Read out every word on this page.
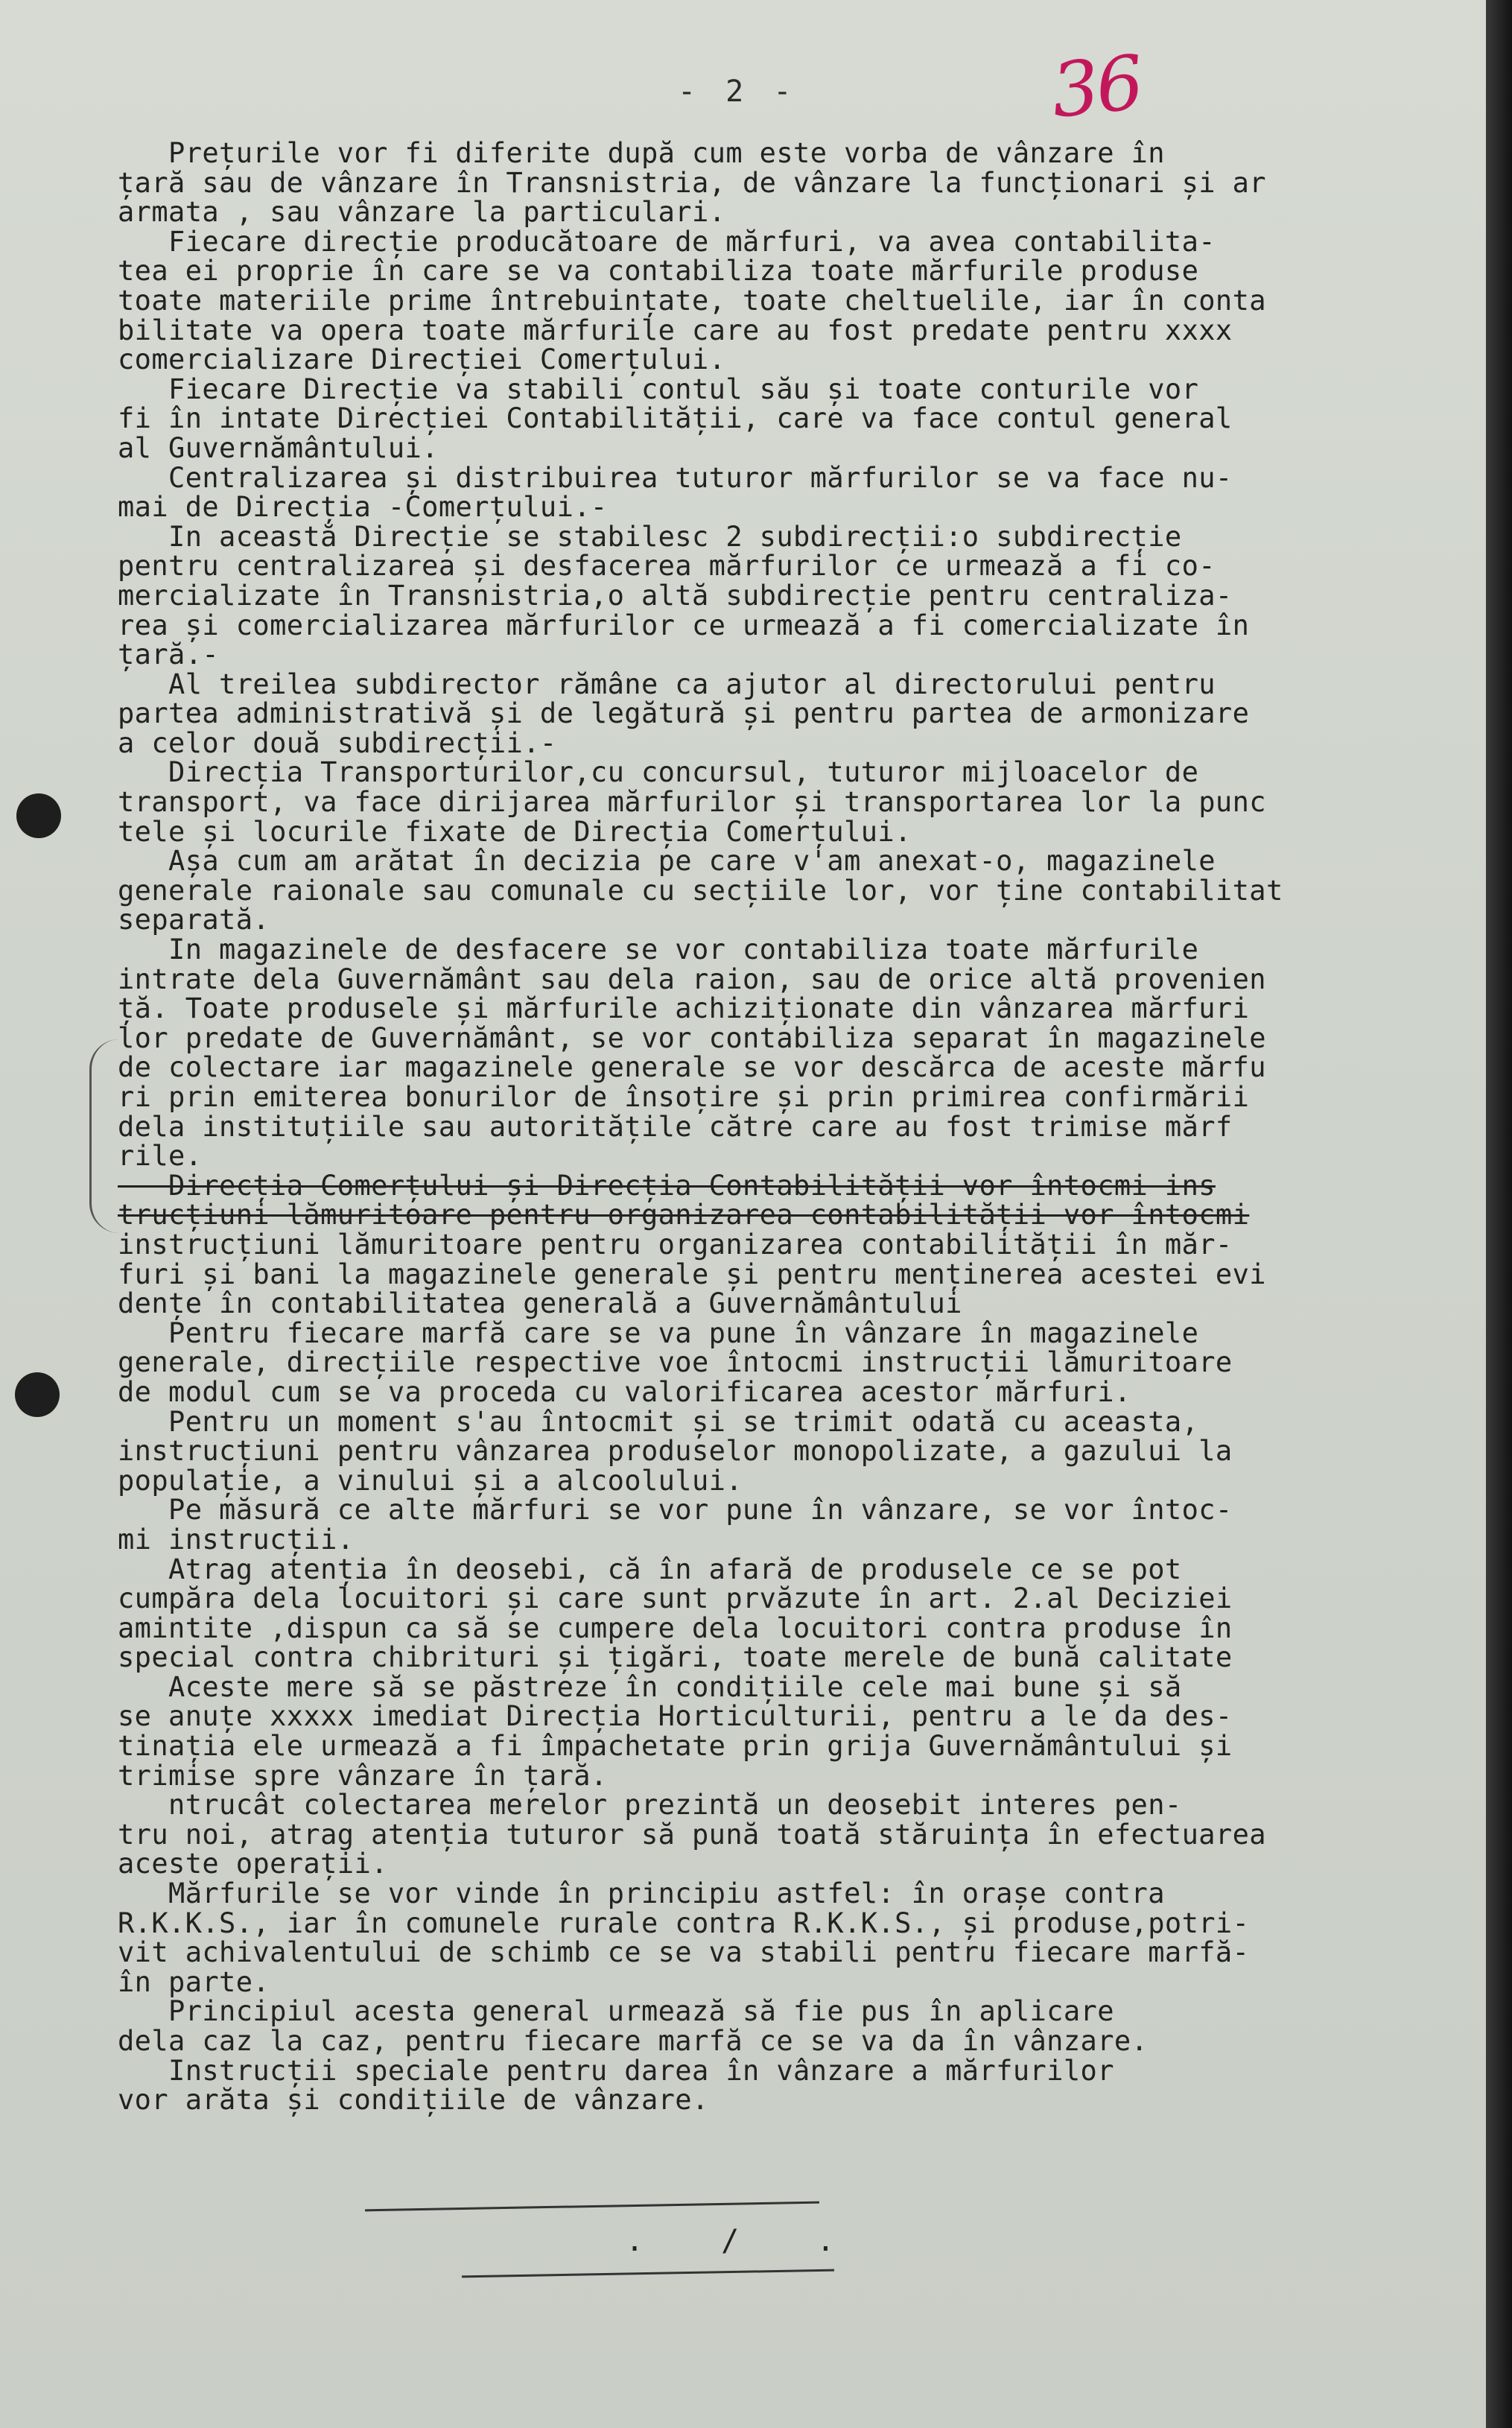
- 2 -	36
Prețurile vor fi diferite după cum este vorba de vânzare în
țară sau de vânzare în Transnistria, de vânzare la funcționari și ar
armata , sau vânzare la particulari.
Fiecare direcție producătoare de mărfuri, va avea contabilita-
tea ei proprie în care se va contabiliza toate mărfurile produse
toate materiile prime întrebuințate, toate cheltuelile, iar în conta
bilitate va opera toate mărfurile care au fost predate pentru xxxx
comercializare Direcției Comerțului.
Fiecare Direcție va stabili contul său și toate conturile vor
fi în intate Direcției Contabilității, care va face contul general
al Guvernământului.
Centralizarea și distribuirea tuturor mărfurilor se va face nu-
mai de Direcția -Comerțului.-
In această Direcție se stabilesc 2 subdirecții:o subdirecție
pentru centralizarea și desfacerea mărfurilor ce urmează a fi co-
mercializate în Transnistria,o altă subdirecție pentru centraliza-
rea și comercializarea mărfurilor ce urmează a fi comercializate în
țară.-
Al treilea subdirector rămâne ca ajutor al directorului pentru
partea administrativă și de legătură și pentru partea de armonizare
a celor două subdirecții.-
Direcția Transporturilor,cu concursul, tuturor mijloacelor de
transport, va face dirijarea mărfurilor și transportarea lor la punc
tele și locurile fixate de Direcția Comerțului.
Așa cum am arătat în decizia pe care v'am anexat-o, magazinele
generale raionale sau comunale cu secțiile lor, vor ține contabilitat
separată.
In magazinele de desfacere se vor contabiliza toate mărfurile
intrate dela Guvernământ sau dela raion, sau de orice altă provenien
ță. Toate produsele și mărfurile achiziționate din vânzarea mărfuri
lor predate de Guvernământ, se vor contabiliza separat în magazinele
de colectare iar magazinele generale se vor descărca de aceste mărfu
ri prin emiterea bonurilor de însoțire și prin primirea confirmării
dela instituțiile sau autoritățile către care au fost trimise mărf
rile.
Direcția Comerțului și Direcția Contabilității vor întocmi ins
trucțiuni lămuritoare pentru organizarea contabilității vor întocmi
instrucțiuni lămuritoare pentru organizarea contabilității în măr-
furi și bani la magazinele generale și pentru menținerea acestei evi
dențe în contabilitatea generală a Guvernământului
Pentru fiecare marfă care se va pune în vânzare în magazinele
generale, direcțiile respective voe întocmi instrucții lămuritoare
de modul cum se va proceda cu valorificarea acestor mărfuri.
Pentru un moment s'au întocmit și se trimit odată cu aceasta,
instrucțiuni pentru vânzarea produselor monopolizate, a gazului la
populație, a vinului și a alcoolului.
Pe măsură ce alte mărfuri se vor pune în vânzare, se vor întoc-
mi instrucții.
Atrag atenția în deosebi, că în afară de produsele ce se pot
cumpăra dela locuitori și care sunt prvăzute în art. 2.al Deciziei
amintite ,dispun ca să se cumpere dela locuitori contra produse în
special contra chibrituri și țigări, toate merele de bună calitate
Aceste mere să se păstreze în condițiile cele mai bune și să
se anuțe xxxxx imediat Direcția Horticulturii, pentru a le da des-
tinația ele urmează a fi împachetate prin grija Guvernământului și
trimise spre vânzare în țară.
ntrucât colectarea merelor prezintă un deosebit interes pen-
tru noi, atrag atenția tuturor să pună toată stăruința în efectuarea
aceste operații.
Mărfurile se vor vinde în principiu astfel: în orașe contra
R.K.K.S., iar în comunele rurale contra R.K.K.S., și produse,potri-
vit achivalentului de schimb ce se va stabili pentru fiecare marfă-
în parte.
Principiul acesta general urmează să fie pus în aplicare
dela caz la caz, pentru fiecare marfă ce se va da în vânzare.
Instrucții speciale pentru darea în vânzare a mărfurilor
vor arăta și condițiile de vânzare.
. / .
